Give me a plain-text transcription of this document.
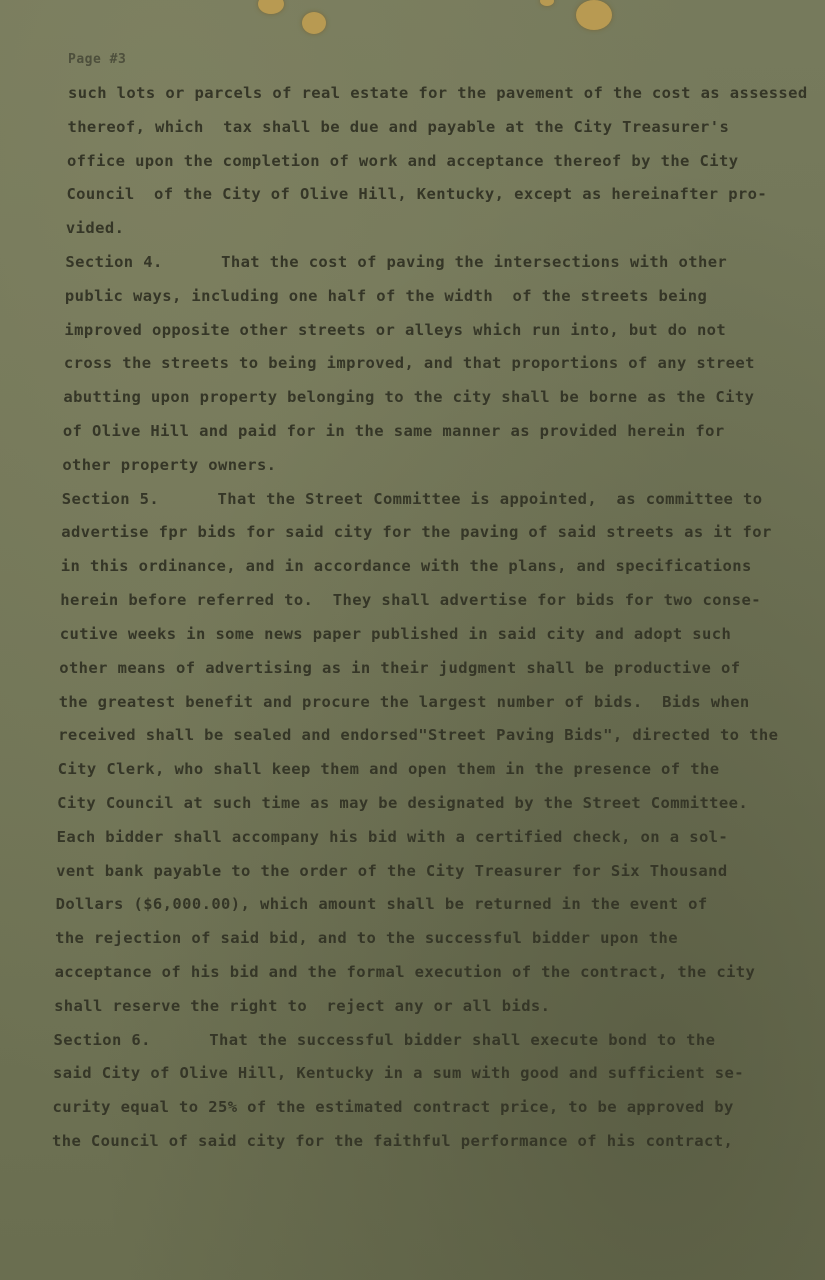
Page #3
such lots or parcels of real estate for the pavement of the cost as assessed
thereof, which  tax shall be due and payable at the City Treasurer's
office upon the completion of work and acceptance thereof by the City
Council  of the City of Olive Hill, Kentucky, except as hereinafter pro-
vided.
Section 4.      That the cost of paving the intersections with other
public ways, including one half of the width  of the streets being
improved opposite other streets or alleys which run into, but do not
cross the streets to being improved, and that proportions of any street
abutting upon property belonging to the city shall be borne as the City
of Olive Hill and paid for in the same manner as provided herein for
other property owners.
Section 5.      That the Street Committee is appointed,  as committee to
advertise fpr bids for said city for the paving of said streets as it for
in this ordinance, and in accordance with the plans, and specifications
herein before referred to.  They shall advertise for bids for two conse-
cutive weeks in some news paper published in said city and adopt such
other means of advertising as in their judgment shall be productive of
the greatest benefit and procure the largest number of bids.  Bids when
received shall be sealed and endorsed"Street Paving Bids", directed to the
City Clerk, who shall keep them and open them in the presence of the
City Council at such time as may be designated by the Street Committee.
Each bidder shall accompany his bid with a certified check, on a sol-
vent bank payable to the order of the City Treasurer for Six Thousand
Dollars ($6,000.00), which amount shall be returned in the event of
the rejection of said bid, and to the successful bidder upon the
acceptance of his bid and the formal execution of the contract, the city
shall reserve the right to  reject any or all bids.
Section 6.      That the successful bidder shall execute bond to the
said City of Olive Hill, Kentucky in a sum with good and sufficient se-
curity equal to 25% of the estimated contract price, to be approved by
the Council of said city for the faithful performance of his contract,
